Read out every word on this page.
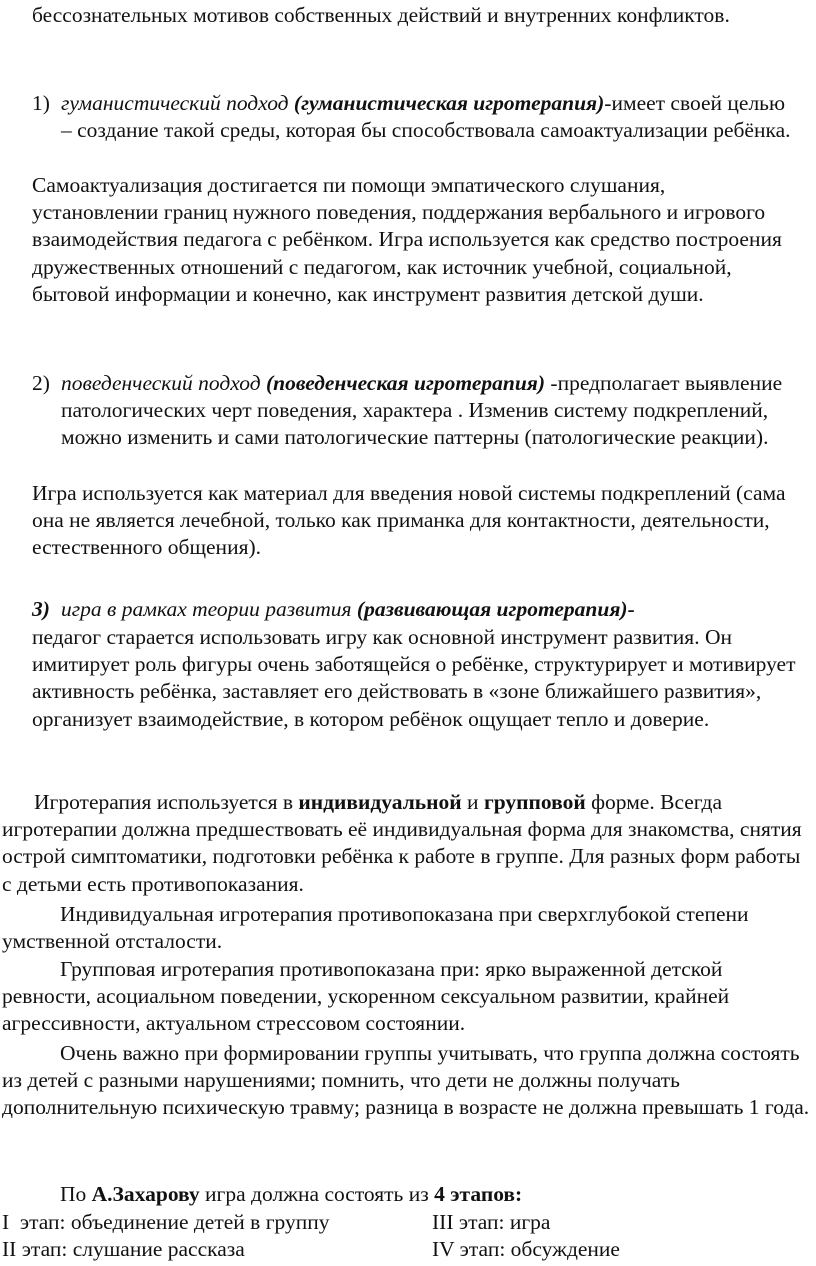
бессознательных мотивов собственных действий и внутренних конфликтов.

1) гуманистический подход (гуманистическая игротерапия)-имеет своей целью – создание такой среды, которая бы способствовала самоактуализации ребёнка.

Самоактуализация достигается пи помощи эмпатического слушания, установлении границ нужного поведения, поддержания вербального и игрового взаимодействия педагога с ребёнком. Игра используется как средство построения дружественных отношений с педагогом, как источник учебной, социальной, бытовой информации и конечно, как инструмент развития детской души.

2) поведенческий подход (поведенческая игротерапия) -предполагает выявление патологических черт поведения, характера . Изменив систему подкреплений, можно изменить и сами патологические паттерны (патологические реакции).

Игра используется как материал для введения новой системы подкреплений (сама она не является лечебной, только как приманка для контактности, деятельности, естественного общения).

3) игра в рамках теории развития (развивающая игротерапия)-

педагог старается использовать игру как основной инструмент развития. Он имитирует роль фигуры очень заботящейся о ребёнке, структурирует и мотивирует активность ребёнка, заставляет его действовать в «зоне ближайшего развития», организует взаимодействие, в котором ребёнок ощущает тепло и доверие.

Игротерапия используется в индивидуальной и групповой форме. Всегда игротерапии должна предшествовать её индивидуальная форма для знакомства, снятия острой симптоматики, подготовки ребёнка к работе в группе. Для разных форм работы с детьми есть противопоказания.

Индивидуальная игротерапия противопоказана при сверхглубокой степени умственной отсталости.

Групповая игротерапия противопоказана при: ярко выраженной детской ревности, асоциальном поведении, ускоренном сексуальном развитии, крайней агрессивности, актуальном стрессовом состоянии.

Очень важно при формировании группы учитывать, что группа должна состоять из детей с разными нарушениями; помнить, что дети не должны получать дополнительную психическую травму; разница в возрасте не должна превышать 1 года.

По А.Захарову игра должна состоять из 4 этапов:

I  этап: объединение детей в группу	III этап: игра
II этап: слушание рассказа	IV этап: обсуждение
